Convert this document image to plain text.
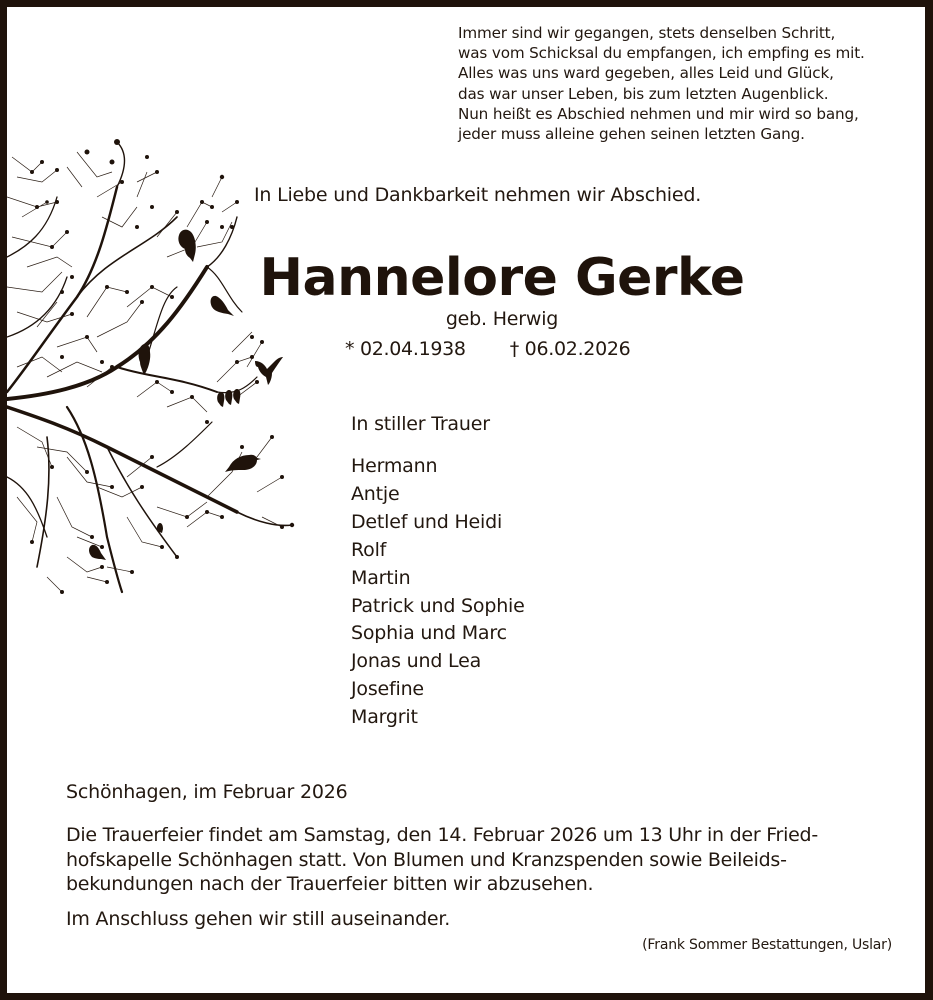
Immer sind wir gegangen, stets denselben Schritt,
was vom Schicksal du empfangen, ich empfing es mit.
Alles was uns ward gegeben, alles Leid und Glück,
das war unser Leben, bis zum letzten Augenblick.
Nun heißt es Abschied nehmen und mir wird so bang,
jeder muss alleine gehen seinen letzten Gang.
In Liebe und Dankbarkeit nehmen wir Abschied.
Hannelore Gerke
geb. Herwig
* 02.04.1938 † 06.02.2026
In stiller Trauer
Hermann
Antje
Detlef und Heidi
Rolf
Martin
Patrick und Sophie
Sophia und Marc
Jonas und Lea
Josefine
Margrit
Schönhagen, im Februar 2026
Die Trauerfeier findet am Samstag, den 14. Februar 2026 um 13 Uhr in der Fried-
hofskapelle Schönhagen statt. Von Blumen und Kranzspenden sowie Beileids-
bekundungen nach der Trauerfeier bitten wir abzusehen.
Im Anschluss gehen wir still auseinander.
(Frank Sommer Bestattungen, Uslar)
